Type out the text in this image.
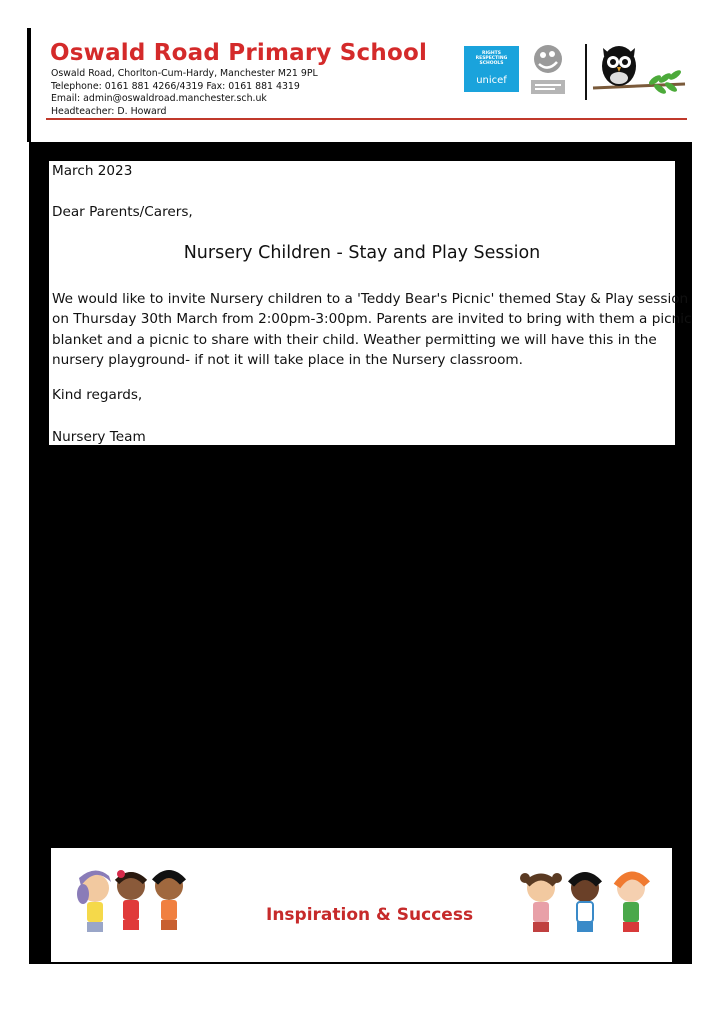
Oswald Road Primary School
Oswald Road, Chorlton-Cum-Hardy, Manchester M21 9PL
Telephone: 0161 881 4266/4319 Fax: 0161 881 4319
Email: admin@oswaldroad.manchester.sch.uk
Headteacher: D. Howard
RIGHTS RESPECTING SCHOOLS
unicef
March 2023
Dear Parents/Carers,
Nursery Children - Stay and Play Session
We would like to invite Nursery children to a 'Teddy Bear's Picnic' themed Stay & Play session
on Thursday 30th March from 2:00pm-3:00pm. Parents are invited to bring with them a picnic
blanket and a picnic to share with their child. Weather permitting we will have this in the
nursery playground- if not it will take place in the Nursery classroom.
Kind regards,
Nursery Team
Inspiration & Success
